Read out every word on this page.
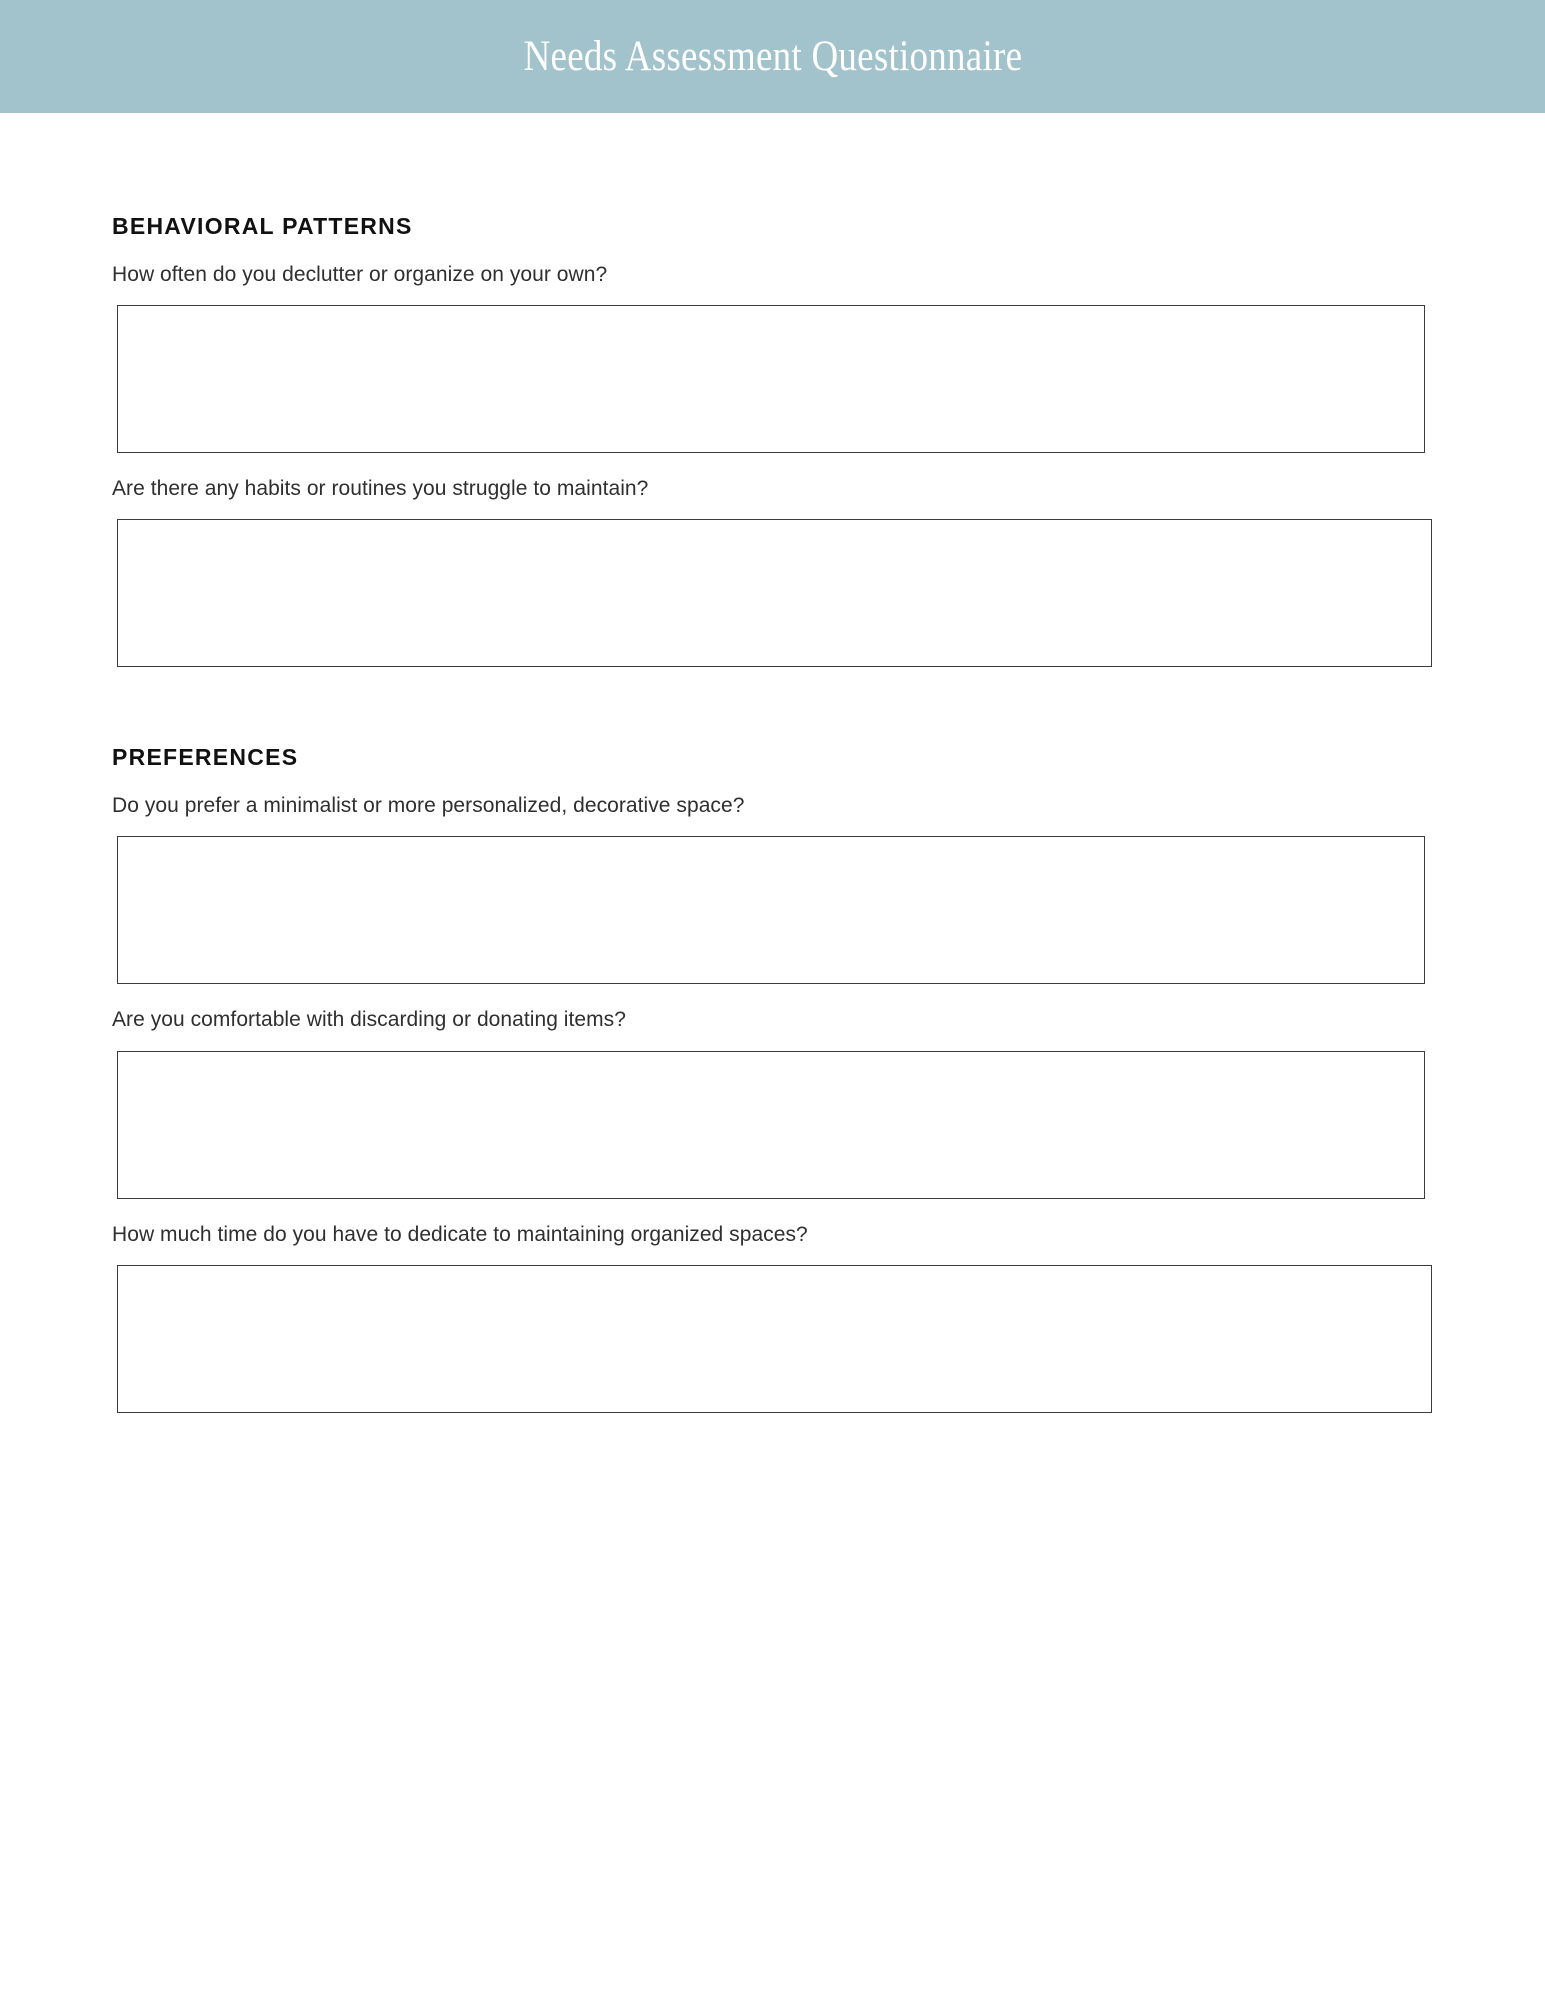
Needs Assessment Questionnaire
BEHAVIORAL PATTERNS

How often do you declutter or organize on your own?

Are there any habits or routines you struggle to maintain?

PREFERENCES

Do you prefer a minimalist or more personalized, decorative space?

Are you comfortable with discarding or donating items?

How much time do you have to dedicate to maintaining organized spaces?
